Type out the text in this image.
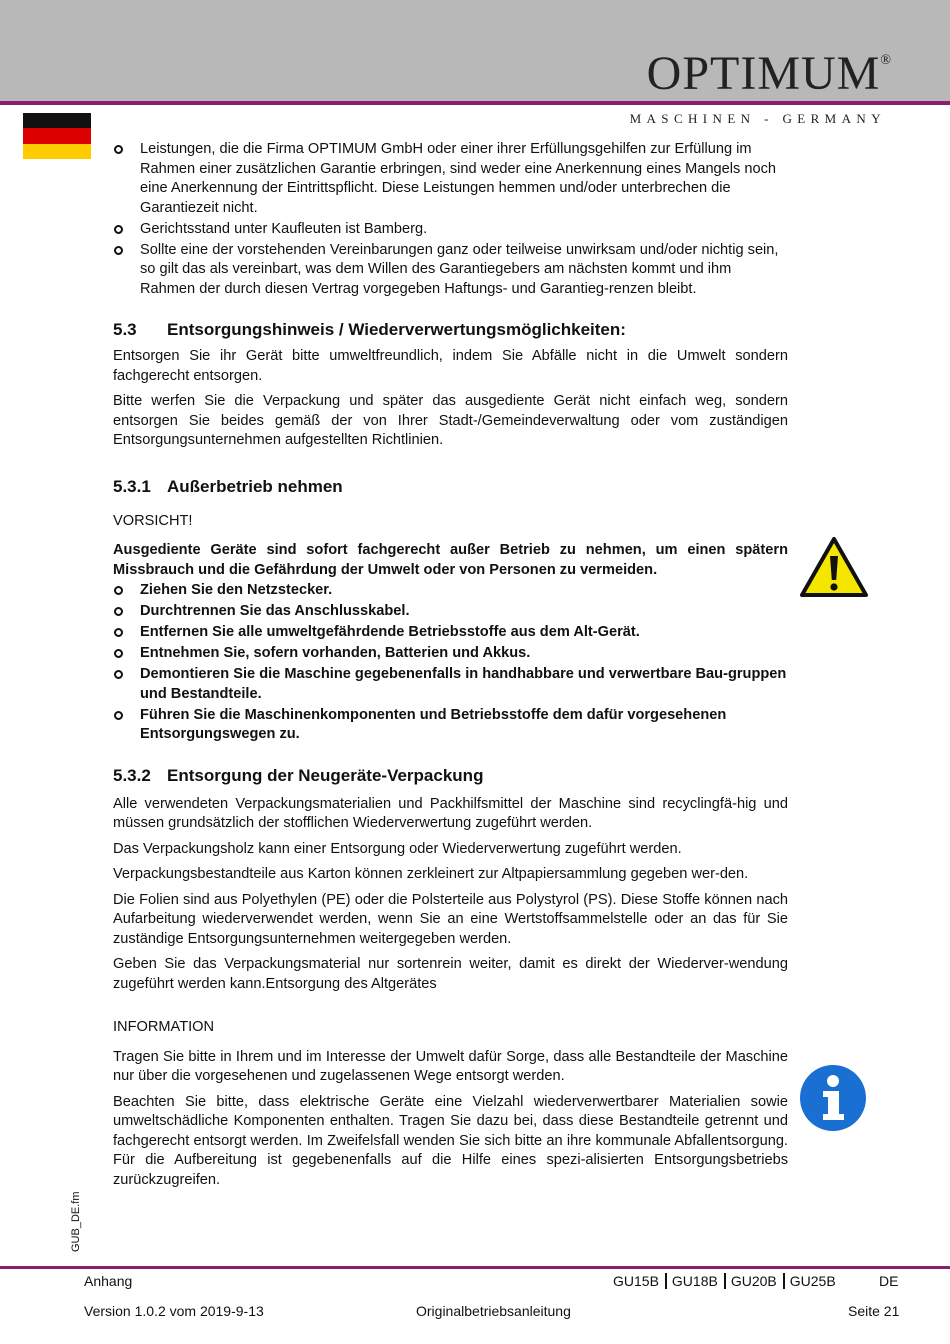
OPTIMUM®
MASCHINEN - GERMANY
Leistungen, die die Firma OPTIMUM GmbH oder einer ihrer Erfüllungsgehilfen zur Erfüllung im Rahmen einer zusätzlichen Garantie erbringen, sind weder eine Anerkennung eines Mangels noch eine Anerkennung der Eintrittspflicht. Diese Leistungen hemmen und/oder unterbrechen die Garantiezeit nicht.
Gerichtsstand unter Kaufleuten ist Bamberg.
Sollte eine der vorstehenden Vereinbarungen ganz oder teilweise unwirksam und/oder nichtig sein, so gilt das als vereinbart, was dem Willen des Garantiegebers am nächsten kommt und ihm Rahmen der durch diesen Vertrag vorgegeben Haftungs- und Garantieg-renzen bleibt.
5.3 Entsorgungshinweis / Wiederverwertungsmöglichkeiten:

Entsorgen Sie ihr Gerät bitte umweltfreundlich, indem Sie Abfälle nicht in die Umwelt sondern fachgerecht entsorgen.

Bitte werfen Sie die Verpackung und später das ausgediente Gerät nicht einfach weg, sondern entsorgen Sie beides gemäß der von Ihrer Stadt-/Gemeindeverwaltung oder vom zuständigen Entsorgungsunternehmen aufgestellten Richtlinien.

5.3.1 Außerbetrieb nehmen

VORSICHT!

Ausgediente Geräte sind sofort fachgerecht außer Betrieb zu nehmen, um einen spätern Missbrauch und die Gefährdung der Umwelt oder von Personen zu vermeiden.

Ziehen Sie den Netzstecker.
Durchtrennen Sie das Anschlusskabel.
Entfernen Sie alle umweltgefährdende Betriebsstoffe aus dem Alt-Gerät.
Entnehmen Sie, sofern vorhanden, Batterien und Akkus.
Demontieren Sie die Maschine gegebenenfalls in handhabbare und verwertbare Bau-gruppen und Bestandteile.
Führen Sie die Maschinenkomponenten und Betriebsstoffe dem dafür vorgesehenen Entsorgungswegen zu.
5.3.2 Entsorgung der Neugeräte-Verpackung

Alle verwendeten Verpackungsmaterialien und Packhilfsmittel der Maschine sind recyclingfä-hig und müssen grundsätzlich der stofflichen Wiederverwertung zugeführt werden.

Das Verpackungsholz kann einer Entsorgung oder Wiederverwertung zugeführt werden.

Verpackungsbestandteile aus Karton können zerkleinert zur Altpapiersammlung gegeben wer-den.

Die Folien sind aus Polyethylen (PE) oder die Polsterteile aus Polystyrol (PS). Diese Stoffe können nach Aufarbeitung wiederverwendet werden, wenn Sie an eine Wertstoffsammelstelle oder an das für Sie zuständige Entsorgungsunternehmen weitergegeben werden.

Geben Sie das Verpackungsmaterial nur sortenrein weiter, damit es direkt der Wiederver-wendung zugeführt werden kann.Entsorgung des Altgerätes

INFORMATION

Tragen Sie bitte in Ihrem und im Interesse der Umwelt dafür Sorge, dass alle Bestandteile der Maschine nur über die vorgesehenen und zugelassenen Wege entsorgt werden.

Beachten Sie bitte, dass elektrische Geräte eine Vielzahl wiederverwertbarer Materialien sowie umweltschädliche Komponenten enthalten. Tragen Sie dazu bei, dass diese Bestandteile getrennt und fachgerecht entsorgt werden. Im Zweifelsfall wenden Sie sich bitte an ihre kommunale Abfallentsorgung. Für die Aufbereitung ist gegebenenfalls auf die Hilfe eines spezi-alisierten Entsorgungsbetriebs zurückzugreifen.

GUB_DE.fm
Anhang	GU15B GU18B GU20B GU25B	DE
Version 1.0.2 vom 2019-9-13	Originalbetriebsanleitung	Seite 21
